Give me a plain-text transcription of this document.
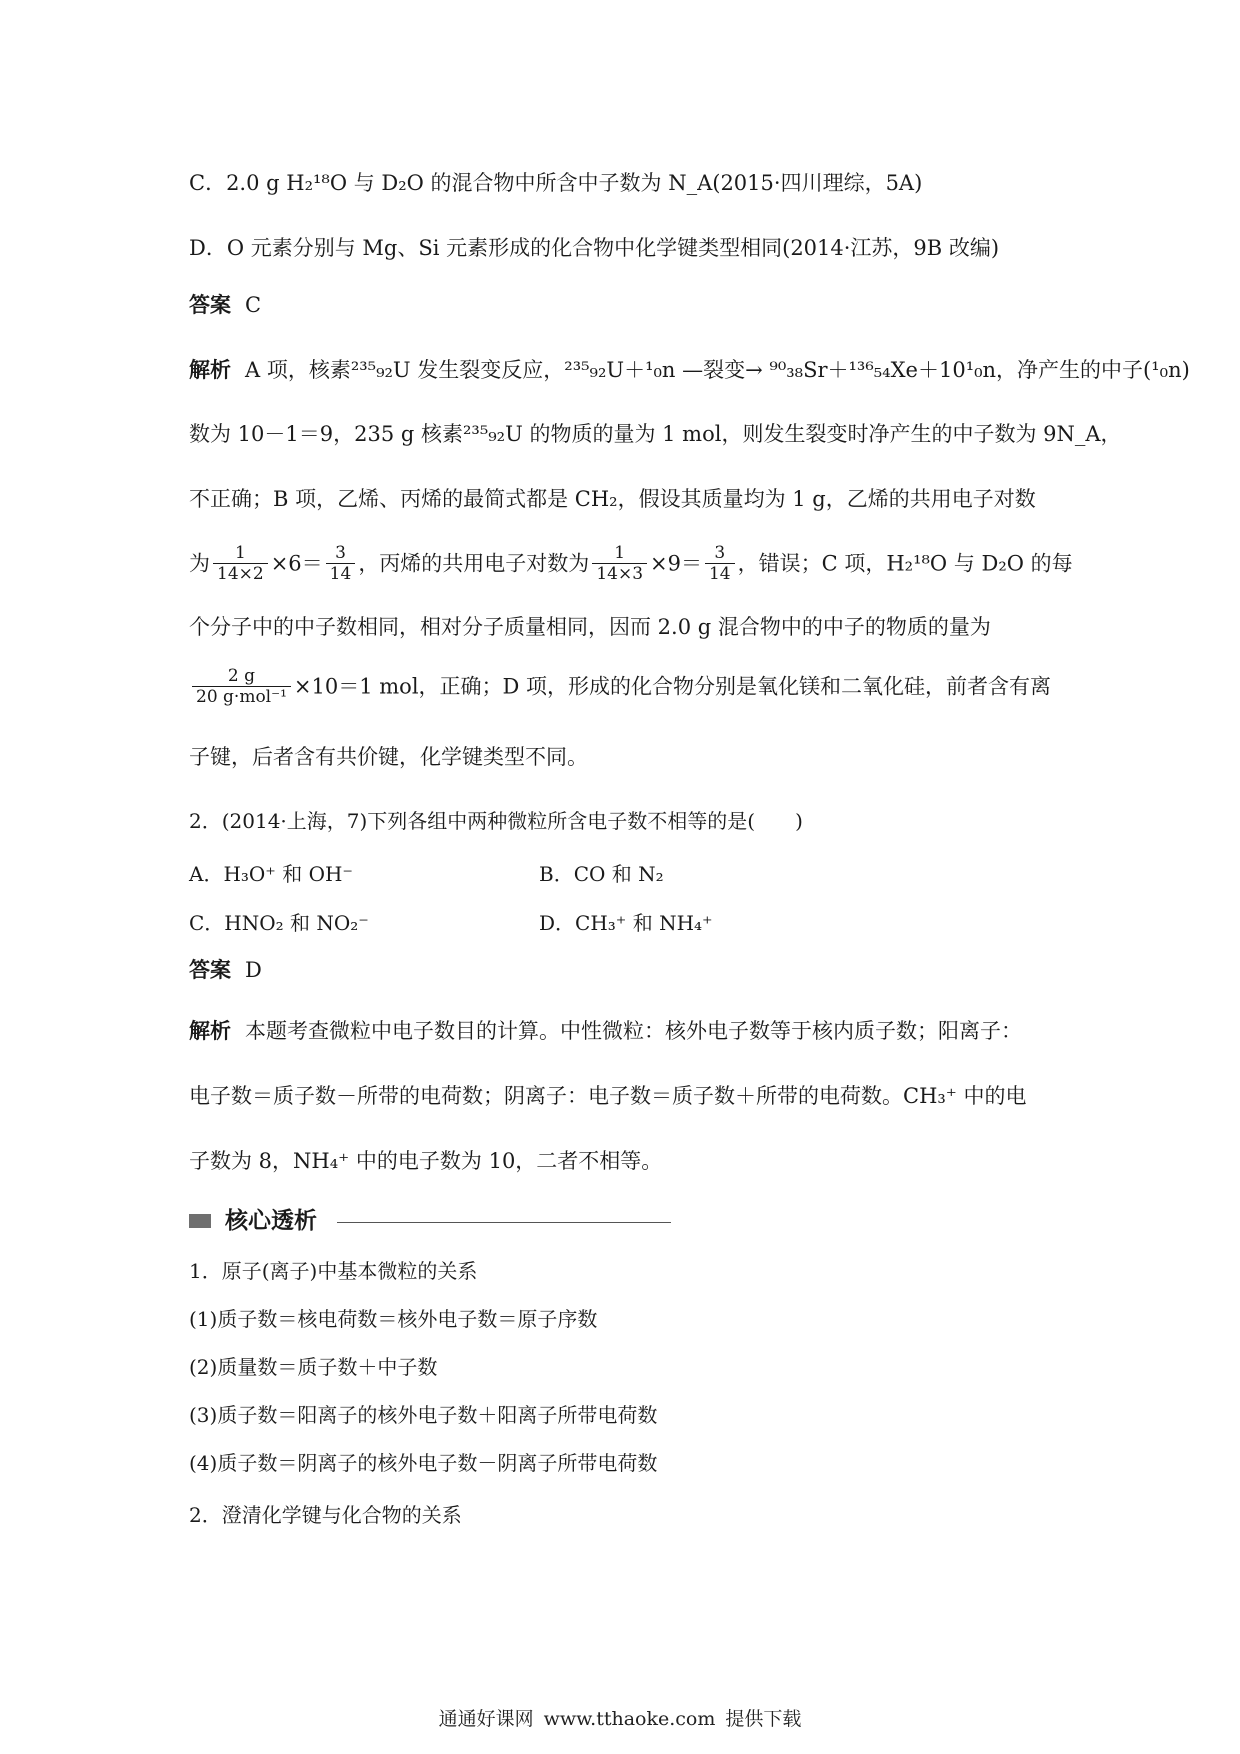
C．2.0 g H₂¹⁸O 与 D₂O 的混合物中所含中子数为 N_A(2015·四川理综，5A)
D．O 元素分别与 Mg、Si 元素形成的化合物中化学键类型相同(2014·江苏，9B 改编)
答案 C
解析 A 项，核素²³⁵₉₂U 发生裂变反应，²³⁵₉₂U＋¹₀n —裂变→ ⁹⁰₃₈Sr＋¹³⁶₅₄Xe＋10¹₀n，净产生的中子(¹₀n)
数为 10－1＝9，235 g 核素²³⁵₉₂U 的物质的量为 1 mol，则发生裂变时净产生的中子数为 9N_A，
不正确；B 项，乙烯、丙烯的最简式都是 CH₂，假设其质量均为 1 g，乙烯的共用电子对数
为 $\frac{1}{14\times 2} \times 6= \frac{3}{14}$ ，丙烯的共用电子对数为 $\frac{1}{14\times 3} \times 9= \frac{3}{14}$ ，错误；C 项，H₂¹⁸O 与 D₂O 的每
个分子中的中子数相同，相对分子质量相同，因而 2.0 g 混合物中的中子的物质的量为
$\frac{2 g}{\text{20 g·mol⁻¹}} \times 10=1$ mol，正确；D 项，形成的化合物分别是氧化镁和二氧化硅，前者含有离
子键，后者含有共价键，化学键类型不同。
2．(2014·上海，7)下列各组中两种微粒所含电子数不相等的是(　　)
A．H₃O⁺ 和 OH⁻	B．CO 和 N₂
C．HNO₂ 和 NO₂⁻	D．CH₃⁺ 和 NH₄⁺
答案 D
解析 本题考查微粒中电子数目的计算。中性微粒：核外电子数等于核内质子数；阳离子：
电子数＝质子数－所带的电荷数；阴离子：电子数＝质子数＋所带的电荷数。CH₃⁺ 中的电
子数为 8，NH₄⁺ 中的电子数为 10，二者不相等。
核心透析
1．原子(离子)中基本微粒的关系
(1)质子数＝核电荷数＝核外电子数＝原子序数
(2)质量数＝质子数＋中子数
(3)质子数＝阳离子的核外电子数＋阳离子所带电荷数
(4)质子数＝阴离子的核外电子数－阴离子所带电荷数
2．澄清化学键与化合物的关系
通通好课网 www.tthaoke.com 提供下载
